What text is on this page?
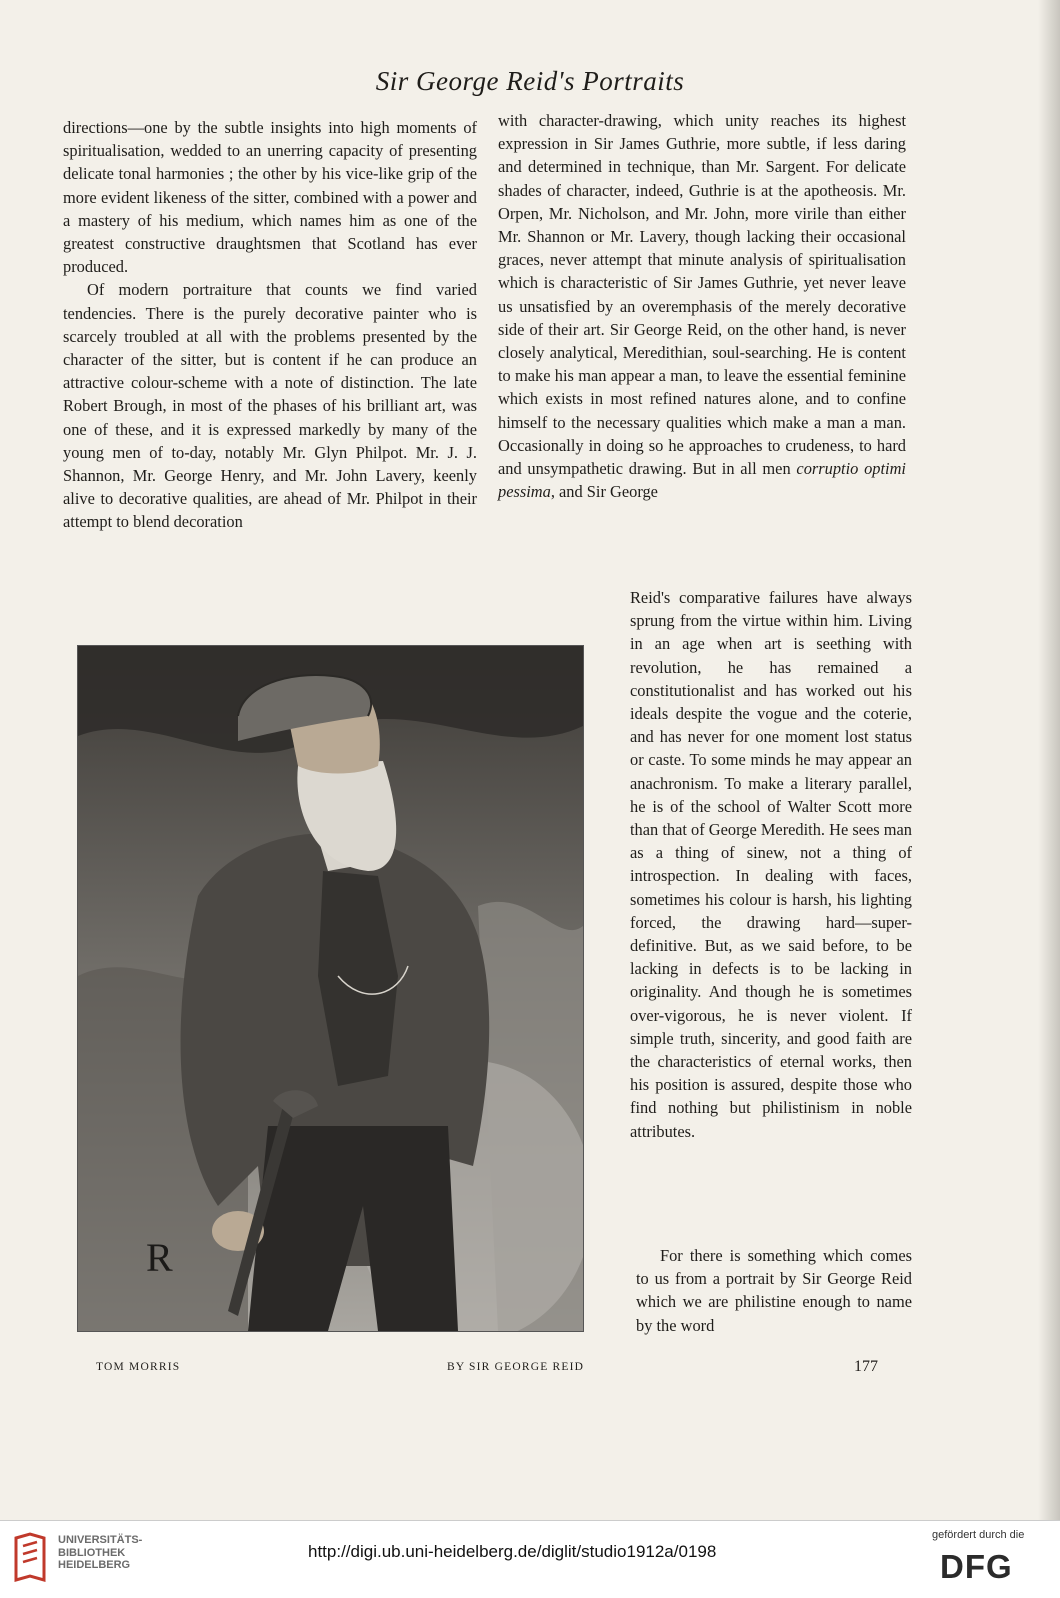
Sir George Reid's Portraits

directions—one by the subtle insights into high moments of spiritualisation, wedded to an unerring capacity of presenting delicate tonal harmonies ; the other by his vice-like grip of the more evident likeness of the sitter, combined with a power and a mastery of his medium, which names him as one of the greatest constructive draughtsmen that Scotland has ever produced.

Of modern portraiture that counts we find varied tendencies. There is the purely decorative painter who is scarcely troubled at all with the problems presented by the character of the sitter, but is content if he can produce an attractive colour-scheme with a note of distinction. The late Robert Brough, in most of the phases of his brilliant art, was one of these, and it is expressed markedly by many of the young men of to-day, notably Mr. Glyn Philpot. Mr. J. J. Shannon, Mr. George Henry, and Mr. John Lavery, keenly alive to decorative qualities, are ahead of Mr. Philpot in their attempt to blend decoration

with character-drawing, which unity reaches its highest expression in Sir James Guthrie, more subtle, if less daring and determined in technique, than Mr. Sargent. For delicate shades of character, indeed, Guthrie is at the apotheosis. Mr. Orpen, Mr. Nicholson, and Mr. John, more virile than either Mr. Shannon or Mr. Lavery, though lacking their occasional graces, never attempt that minute analysis of spiritualisation which is characteristic of Sir James Guthrie, yet never leave us unsatisfied by an overemphasis of the merely decorative side of their art. Sir George Reid, on the other hand, is never closely analytical, Meredithian, soul-searching. He is content to make his man appear a man, to leave the essential feminine which exists in most refined natures alone, and to confine himself to the necessary qualities which make a man a man. Occasionally in doing so he approaches to crudeness, to hard and unsympathetic drawing. But in all men corruptio optimi pessima, and Sir George

Reid's comparative failures have always sprung from the virtue within him. Living in an age when art is seething with revolution, he has remained a constitutionalist and has worked out his ideals despite the vogue and the coterie, and has never for one moment lost status or caste. To some minds he may appear an anachronism. To make a literary parallel, he is of the school of Walter Scott more than that of George Meredith. He sees man as a thing of sinew, not a thing of introspection. In dealing with faces, sometimes his colour is harsh, his lighting forced, the drawing hard—super-definitive. But, as we said before, to be lacking in defects is to be lacking in originality. And though he is sometimes over-vigorous, he is never violent. If simple truth, sincerity, and good faith are the characteristics of eternal works, then his position is assured, despite those who find nothing but philistinism in noble attributes.

For there is something which comes to us from a portrait by Sir George Reid which we are philistine enough to name by the word

R
TOM MORRIS	BY SIR GEORGE REID	177
UNIVERSITÄTS-
BIBLIOTHEK
HEIDELBERG
http://digi.ub.uni-heidelberg.de/diglit/studio1912a/0198
gefördert durch die
DFG
